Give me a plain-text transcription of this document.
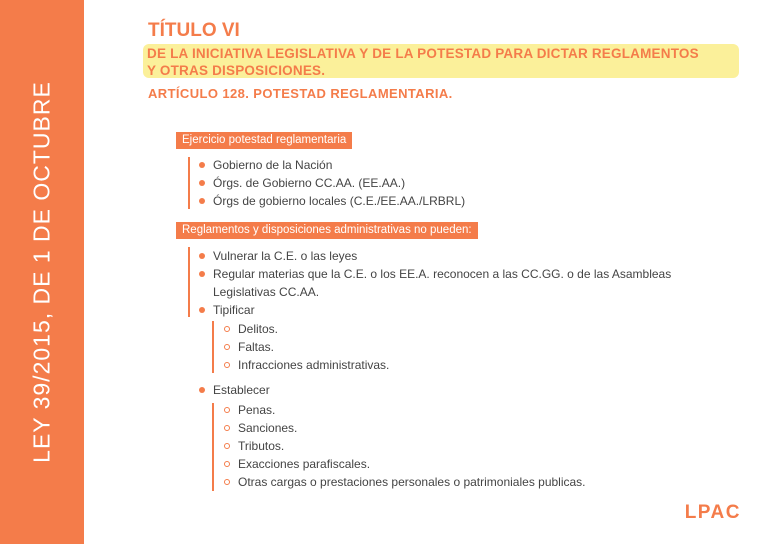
LEY 39/2015, DE 1 DE OCTUBRE
TÍTULO VI
DE LA INICIATIVA LEGISLATIVA Y DE LA POTESTAD PARA DICTAR REGLAMENTOS
Y OTRAS DISPOSICIONES.
ARTÍCULO 128. POTESTAD REGLAMENTARIA.
Ejercicio potestad reglamentaria
Gobierno de la Nación
Órgs. de Gobierno CC.AA. (EE.AA.)
Órgs de gobierno locales (C.E./EE.AA./LRBRL)
Reglamentos y disposiciones administrativas no pueden:
Vulnerar la C.E. o las leyes
Regular materias que la C.E. o los EE.A. reconocen a las CC.GG. o de las Asambleas Legislativas CC.AA.
Tipificar
Delitos.
Faltas.
Infracciones administrativas.
Establecer
Penas.
Sanciones.
Tributos.
Exacciones parafiscales.
Otras cargas o prestaciones personales o patrimoniales publicas.
LPAC
